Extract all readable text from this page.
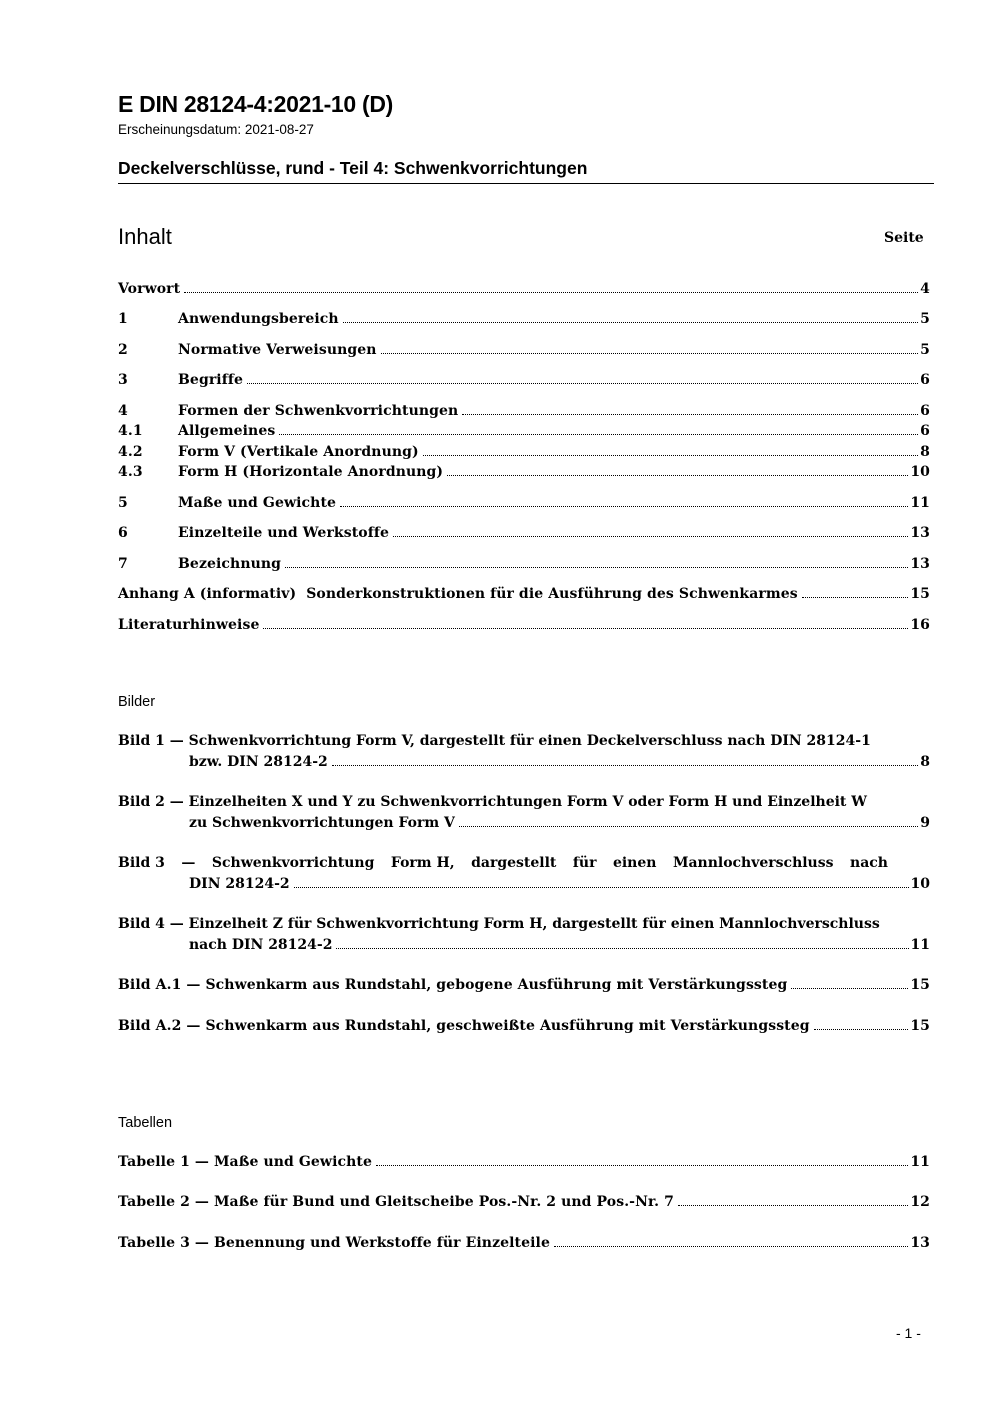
E DIN 28124-4:2021-10 (D)
Erscheinungsdatum: 2021-08-27
Deckelverschlüsse, rund - Teil 4: Schwenkvorrichtungen
Inhalt	Seite
Vorwort	4
1	Anwendungsbereich	5
2	Normative Verweisungen	5
3	Begriffe	6
4	Formen der Schwenkvorrichtungen	6
4.1	Allgemeines	6
4.2	Form V (Vertikale Anordnung)	8
4.3	Form H (Horizontale Anordnung)	10
5	Maße und Gewichte	11
6	Einzelteile und Werkstoffe	13
7	Bezeichnung	13
Anhang A (informativ)  Sonderkonstruktionen für die Ausführung des Schwenkarmes	15
Literaturhinweise	16
Bilder
Bild 1 — Schwenkvorrichtung Form V, dargestellt für einen Deckelverschluss nach DIN 28124-1
bzw. DIN 28124-2	8
Bild 2 — Einzelheiten X und Y zu Schwenkvorrichtungen Form V oder Form H und Einzelheit W
zu Schwenkvorrichtungen Form V	9
Bild 3 — Schwenkvorrichtung Form H, dargestellt für einen Mannlochverschluss nach
DIN 28124-2	10
Bild 4 — Einzelheit Z für Schwenkvorrichtung Form H, dargestellt für einen Mannlochverschluss
nach DIN 28124-2	11
Bild A.1 — Schwenkarm aus Rundstahl, gebogene Ausführung mit Verstärkungssteg	15
Bild A.2 — Schwenkarm aus Rundstahl, geschweißte Ausführung mit Verstärkungssteg	15
Tabellen
Tabelle 1 — Maße und Gewichte	11
Tabelle 2 — Maße für Bund und Gleitscheibe Pos.-Nr. 2 und Pos.-Nr. 7	12
Tabelle 3 — Benennung und Werkstoffe für Einzelteile	13
- 1 -
